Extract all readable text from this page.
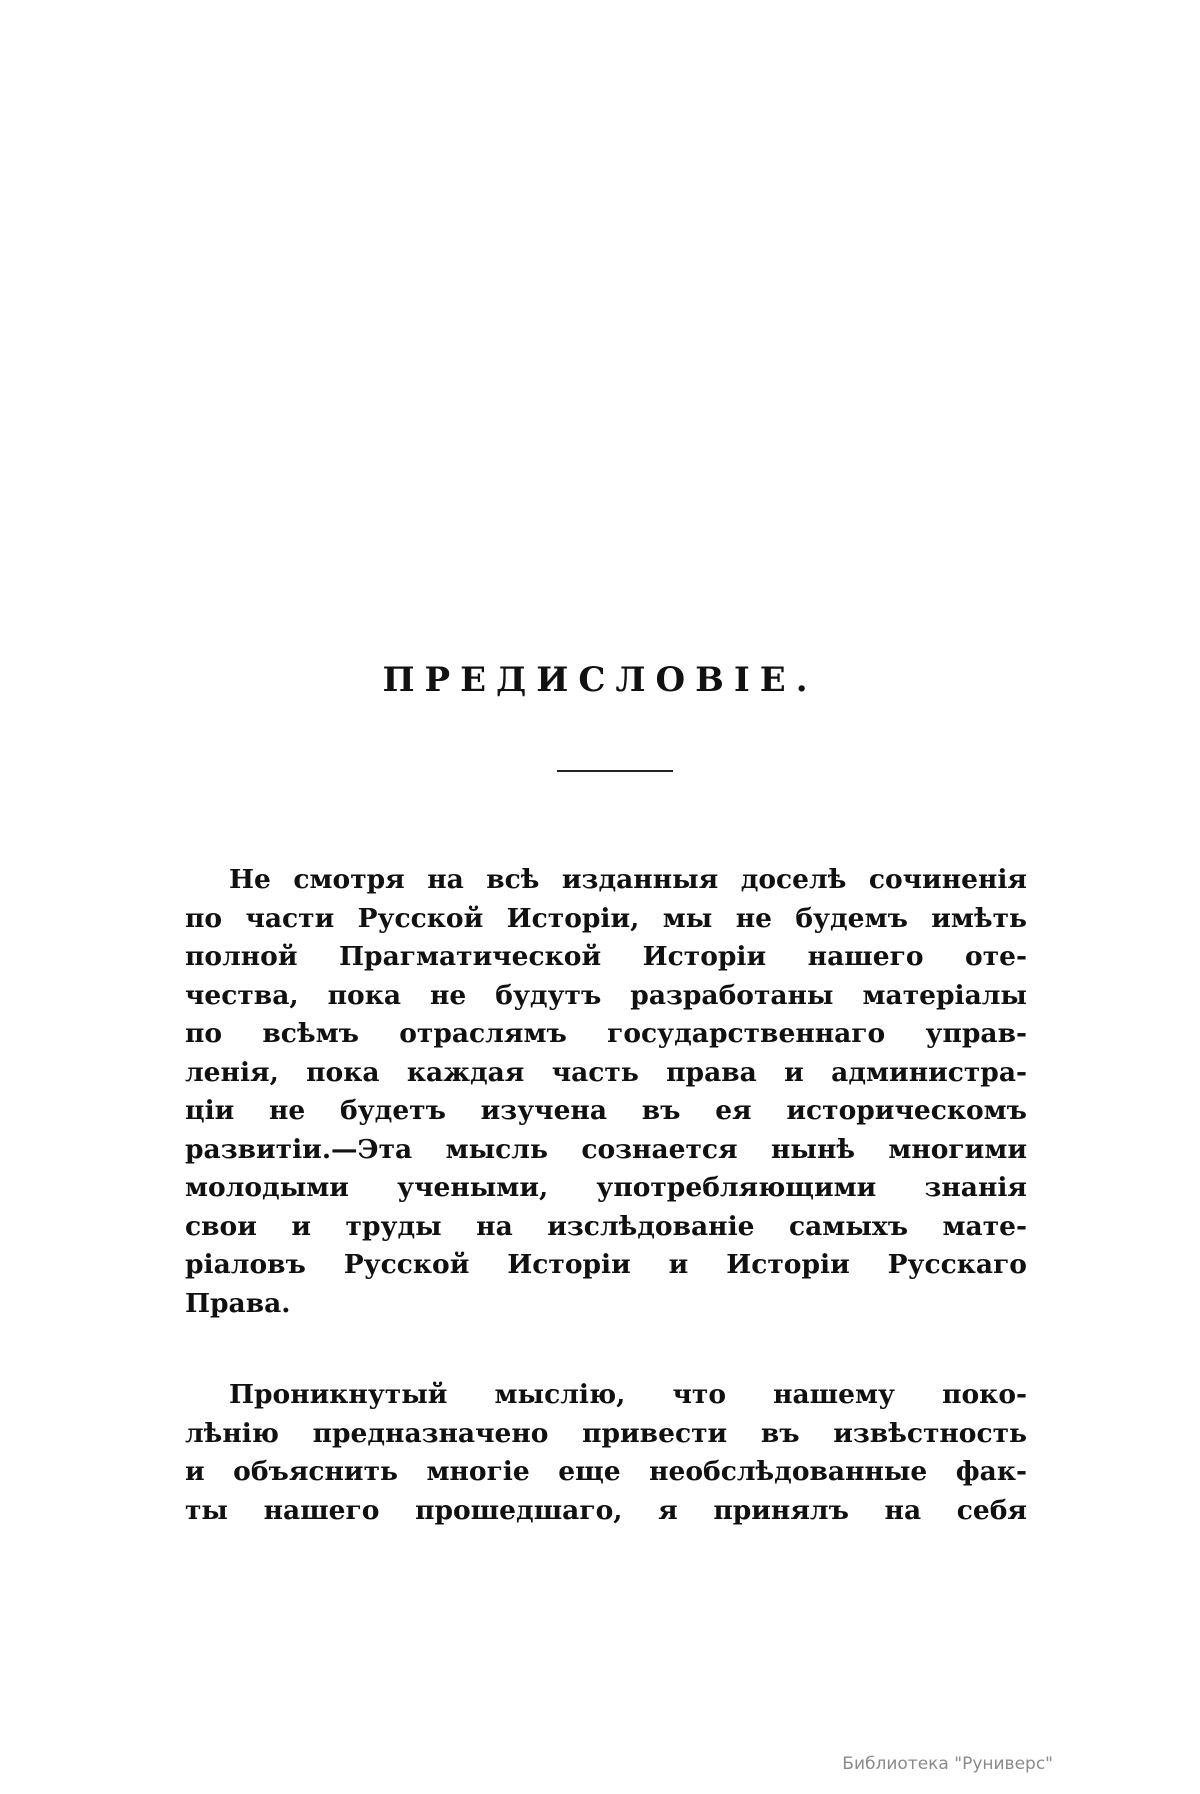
ПРЕДИСЛОВІЕ.

Не смотря на всѣ изданныя доселѣ сочиненія
по части Русской Исторіи, мы не будемъ имѣть
полной Прагматической Исторіи нашего оте-
чества, пока не будутъ разработаны матеріалы
по всѣмъ отраслямъ государственнаго управ-
ленія, пока каждая часть права и администра-
ціи не будетъ изучена въ ея историческомъ
развитіи.—Эта мысль сознается нынѣ многими
молодыми учеными, употребляющими знанія
свои и труды на изслѣдованіе самыхъ мате-
ріаловъ Русской Исторіи и Исторіи Русскаго
Права.

Проникнутый мыслію, что нашему поко-
лѣнію предназначено привести въ извѣстность
и объяснить многіе еще необслѣдованные фак-
ты нашего прошедшаго, я принялъ на себя

Библиотека "Руниверс"
